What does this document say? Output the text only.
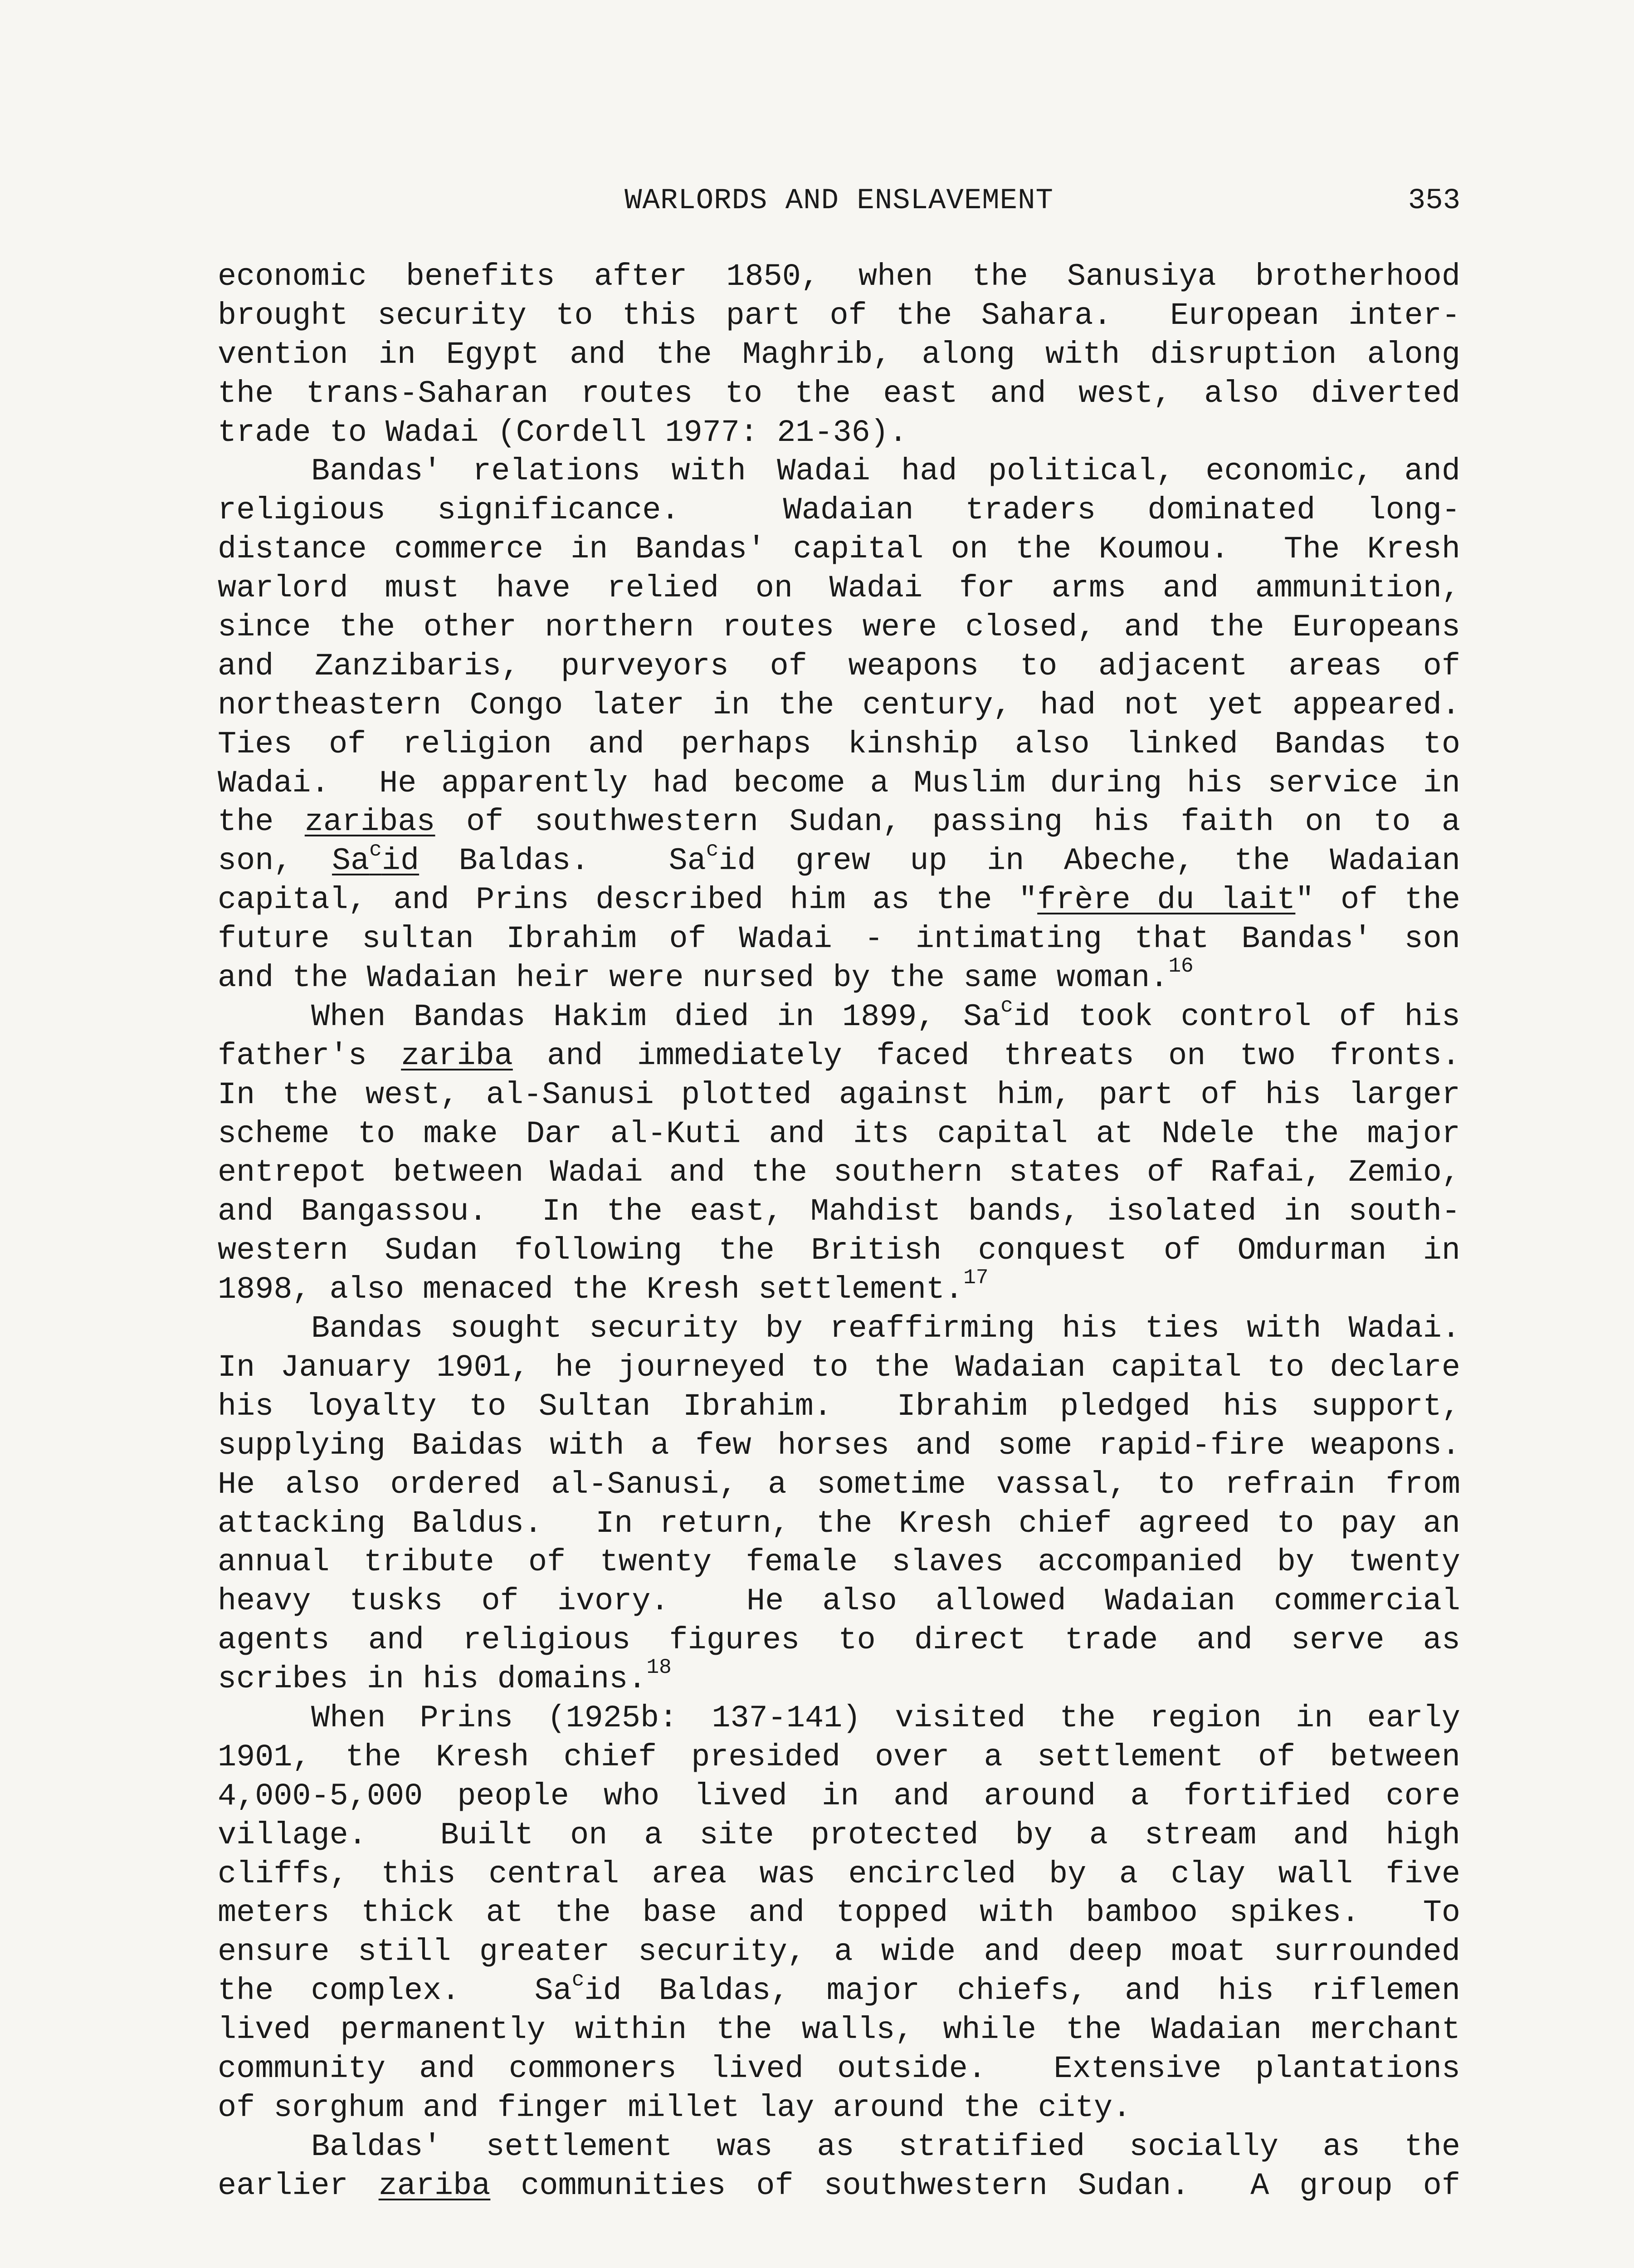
WARLORDS AND ENSLAVEMENT	353
economic benefits after 1850, when the Sanusiya brotherhood
brought security to this part of the Sahara.  European inter-
vention in Egypt and the Maghrib, along with disruption along
the trans-Saharan routes to the east and west, also diverted
trade to Wadai (Cordell 1977: 21-36).
Bandas' relations with Wadai had political, economic, and
religious significance.  Wadaian traders dominated long-
distance commerce in Bandas' capital on the Koumou.  The Kresh
warlord must have relied on Wadai for arms and ammunition,
since the other northern routes were closed, and the Europeans
and Zanzibaris, purveyors of weapons to adjacent areas of
northeastern Congo later in the century, had not yet appeared.
Ties of religion and perhaps kinship also linked Bandas to
Wadai.  He apparently had become a Muslim during his service in
the zaribas of southwestern Sudan, passing his faith on to a
son, Sa$^c$id Baldas.  Sa$^c$id grew up in Abeche, the Wadaian
capital, and Prins described him as the "frère du lait" of the
future sultan Ibrahim of Wadai - intimating that Bandas' son
and the Wadaian heir were nursed by the same woman.$^{16}$
When Bandas Hakim died in 1899, Sa$^c$id took control of his
father's zariba and immediately faced threats on two fronts.
In the west, al-Sanusi plotted against him, part of his larger
scheme to make Dar al-Kuti and its capital at Ndele the major
entrepot between Wadai and the southern states of Rafai, Zemio,
and Bangassou.  In the east, Mahdist bands, isolated in south-
western Sudan following the British conquest of Omdurman in
1898, also menaced the Kresh settlement.$^{17}$
Bandas sought security by reaffirming his ties with Wadai.
In January 1901, he journeyed to the Wadaian capital to declare
his loyalty to Sultan Ibrahim.  Ibrahim pledged his support,
supplying Baidas with a few horses and some rapid-fire weapons.
He also ordered al-Sanusi, a sometime vassal, to refrain from
attacking Baldus.  In return, the Kresh chief agreed to pay an
annual tribute of twenty female slaves accompanied by twenty
heavy tusks of ivory.  He also allowed Wadaian commercial
agents and religious figures to direct trade and serve as
scribes in his domains.$^{18}$
When Prins (1925b: 137-141) visited the region in early
1901, the Kresh chief presided over a settlement of between
4,000-5,000 people who lived in and around a fortified core
village.  Built on a site protected by a stream and high
cliffs, this central area was encircled by a clay wall five
meters thick at the base and topped with bamboo spikes.  To
ensure still greater security, a wide and deep moat surrounded
the complex.  Sa$^c$id Baldas, major chiefs, and his riflemen
lived permanently within the walls, while the Wadaian merchant
community and commoners lived outside.  Extensive plantations
of sorghum and finger millet lay around the city.
Baldas' settlement was as stratified socially as the
earlier zariba communities of southwestern Sudan.  A group of
